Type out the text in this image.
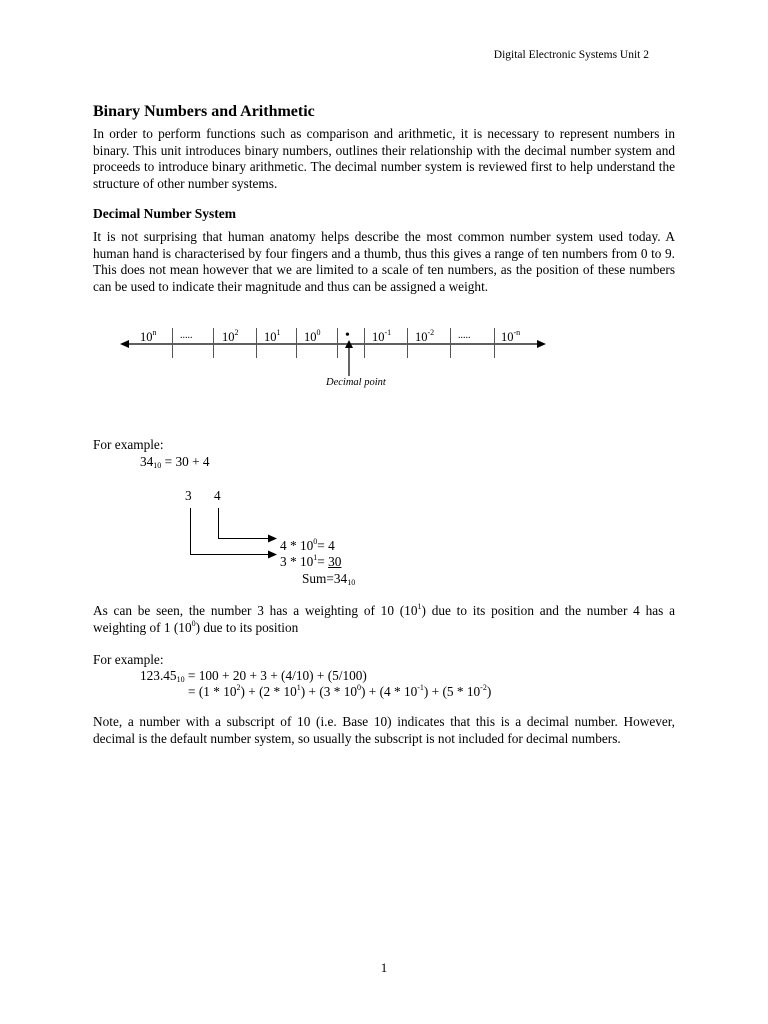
Digital Electronic Systems Unit 2
Binary Numbers and Arithmetic
In order to perform functions such as comparison and arithmetic, it is necessary to represent numbers in binary. This unit introduces binary numbers, outlines their relationship with the decimal number system and proceeds to introduce binary arithmetic. The decimal number system is reviewed first to help understand the structure of other number systems.
Decimal Number System
It is not surprising that human anatomy helps describe the most common number system used today. A human hand is characterised by four fingers and a thumb, thus this gives a range of ten numbers from 0 to 9. This does not mean however that we are limited to a scale of ten numbers, as the position of these numbers can be used to indicate their magnitude and thus can be assigned a weight.
10$^n$ ..... $10^2$ $10^1$ $10^0$ • $10^{-1}$ $10^{-2}$ ..... $10^{-n}$
Decimal point
For example:
$34_{10} = 30 + 4$
3 4
$4 * 10^0= 4$
$3 * 10^1= 30$
$Sum=34_{10}$
As can be seen, the number 3 has a weighting of 10 $(10^1)$ due to its position and the number 4 has a weighting of 1 $(10^0)$ due to its position
For example:
$123.45_{10} = 100 + 20 + 3 + (4/10) + (5/100)$
= $(1 * 10^2) + (2 * 10^1) + (3 * 10^0) + (4 * 10^{-1}) + (5 * 10^{-2})$
Note, a number with a subscript of 10 (i.e. Base 10) indicates that this is a decimal number. However, decimal is the default number system, so usually the subscript is not included for decimal numbers.
1
